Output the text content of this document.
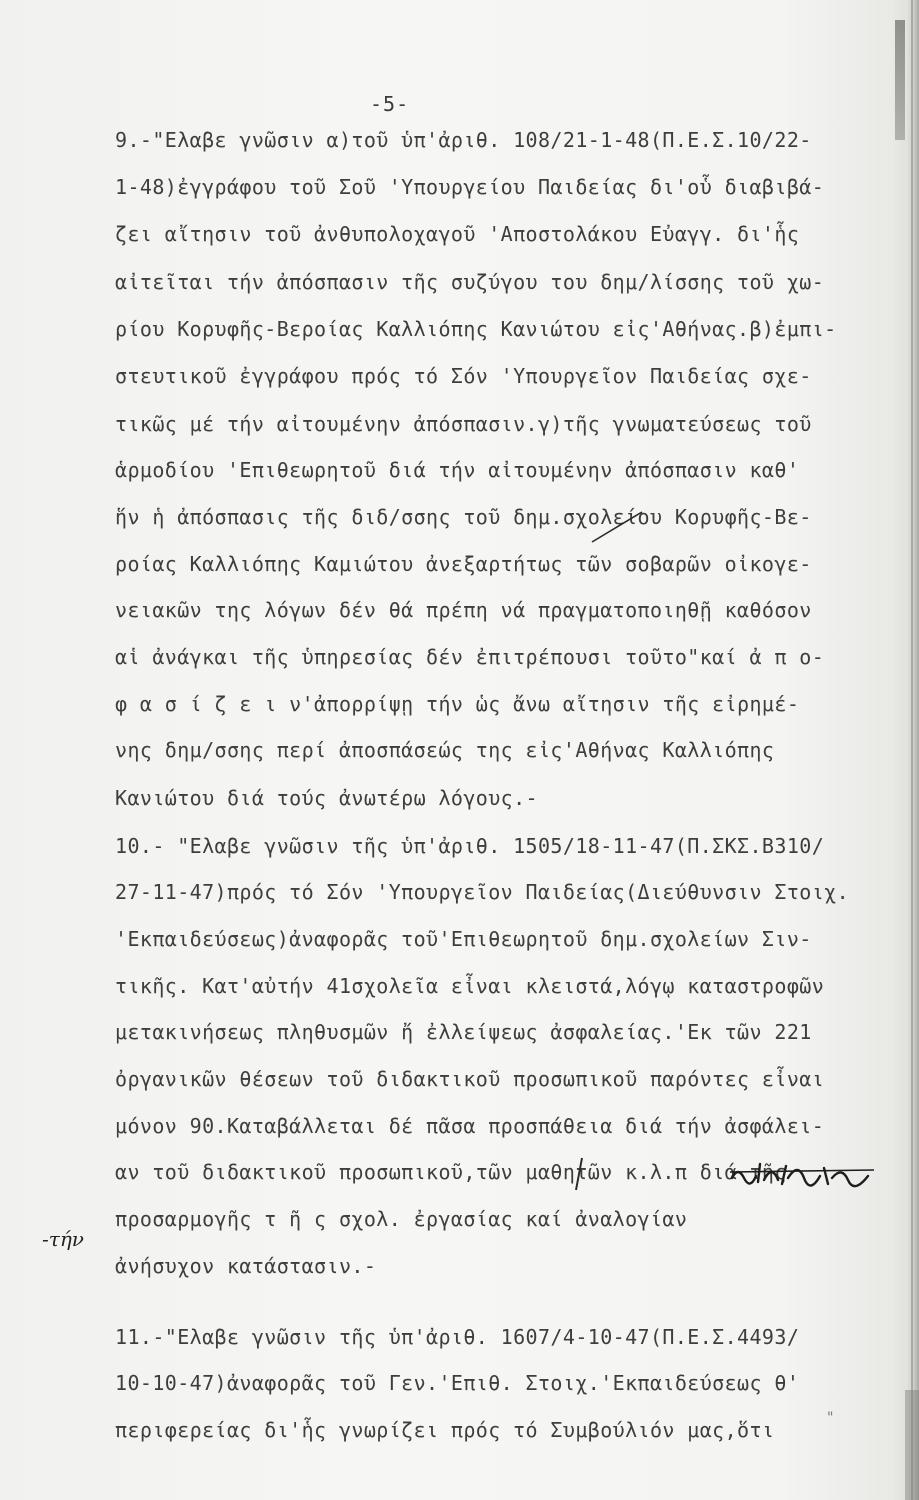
-5-
9.-"Ελαβε γνῶσιν α)τοῦ ὑπ'ἀριθ. 108/21-1-48(Π.Ε.Σ.10/22-
1-48)ἐγγράφου τοῦ Σοῦ 'Υπουργείου Παιδείας δι'οὗ διαβιβά-
ζει αἴτησιν τοῦ ἀνθυπολοχαγοῦ 'Αποστολάκου Εὐαγγ. δι'ἧς
αἰτεῖται τήν ἀπόσπασιν τῆς συζύγου του δημ/λίσσης τοῦ χω-
ρίου Κορυφῆς-Βεροίας Καλλιόπης Κανιώτου εἰς'Αθήνας.β)ἐμπι-
στευτικοῦ ἐγγράφου πρός τό Σόν 'Υπουργεῖον Παιδείας σχε-
τικῶς μέ τήν αἰτουμένην ἀπόσπασιν.γ)τῆς γνωματεύσεως τοῦ
ἁρμοδίου 'Επιθεωρητοῦ διά τήν αἰτουμένην ἀπόσπασιν καθ'
ἥν ἡ ἀπόσπασις τῆς διδ/σσης τοῦ δημ.σχολείου Κορυφῆς-Βε-
ροίας Καλλιόπης Καμιώτου ἀνεξαρτήτως τῶν σοβαρῶν οἰκογε-
νειακῶν της λόγων δέν θά πρέπη νά πραγματοποιηθῇ καθόσον
αἱ ἀνάγκαι τῆς ὑπηρεσίας δέν ἐπιτρέπουσι τοῦτο"καί ἀ π ο-
φ α σ ί ζ ε ι ν'ἀπορρίψῃ τήν ὡς ἄνω αἴτησιν τῆς εἰρημέ-
νης δημ/σσης περί ἀποσπάσεώς της εἰς'Αθήνας Καλλιόπης
Κανιώτου διά τούς ἀνωτέρω λόγους.-
10.- "Ελαβε γνῶσιν τῆς ὑπ'ἀριθ. 1505/18-11-47(Π.ΣΚΣ.Β310/
27-11-47)πρός τό Σόν 'Υπουργεῖον Παιδείας(Διεύθυνσιν Στοιχ.
'Εκπαιδεύσεως)ἀναφορᾶς τοῦ'Επιθεωρητοῦ δημ.σχολείων Σιν-
τικῆς. Κατ'αὐτήν 41σχολεῖα εἶναι κλειστά,λόγῳ καταστροφῶν
μετακινήσεως πληθυσμῶν ἤ ἐλλείψεως ἀσφαλείας.'Εκ τῶν 221
ὀργανικῶν θέσεων τοῦ διδακτικοῦ προσωπικοῦ παρόντες εἶναι
μόνον 90.Καταβάλλεται δέ πᾶσα προσπάθεια διά τήν ἀσφάλει-
αν τοῦ διδακτικοῦ προσωπικοῦ,τῶν μαθητῶν κ.λ.π διά τῆς
προσαρμογῆς τ ῆ ς σχολ. ἐργασίας καί ἀναλογίαν
ἀνήσυχον κατάστασιν.-
11.-"Ελαβε γνῶσιν τῆς ὑπ'ἀριθ. 1607/4-10-47(Π.Ε.Σ.4493/
10-10-47)ἀναφορᾶς τοῦ Γεν.'Επιθ. Στοιχ.'Εκπαιδεύσεως θ'
περιφερείας δι'ἧς γνωρίζει πρός τό Συμβούλιόν μας,ὅτι
-τήν
"
